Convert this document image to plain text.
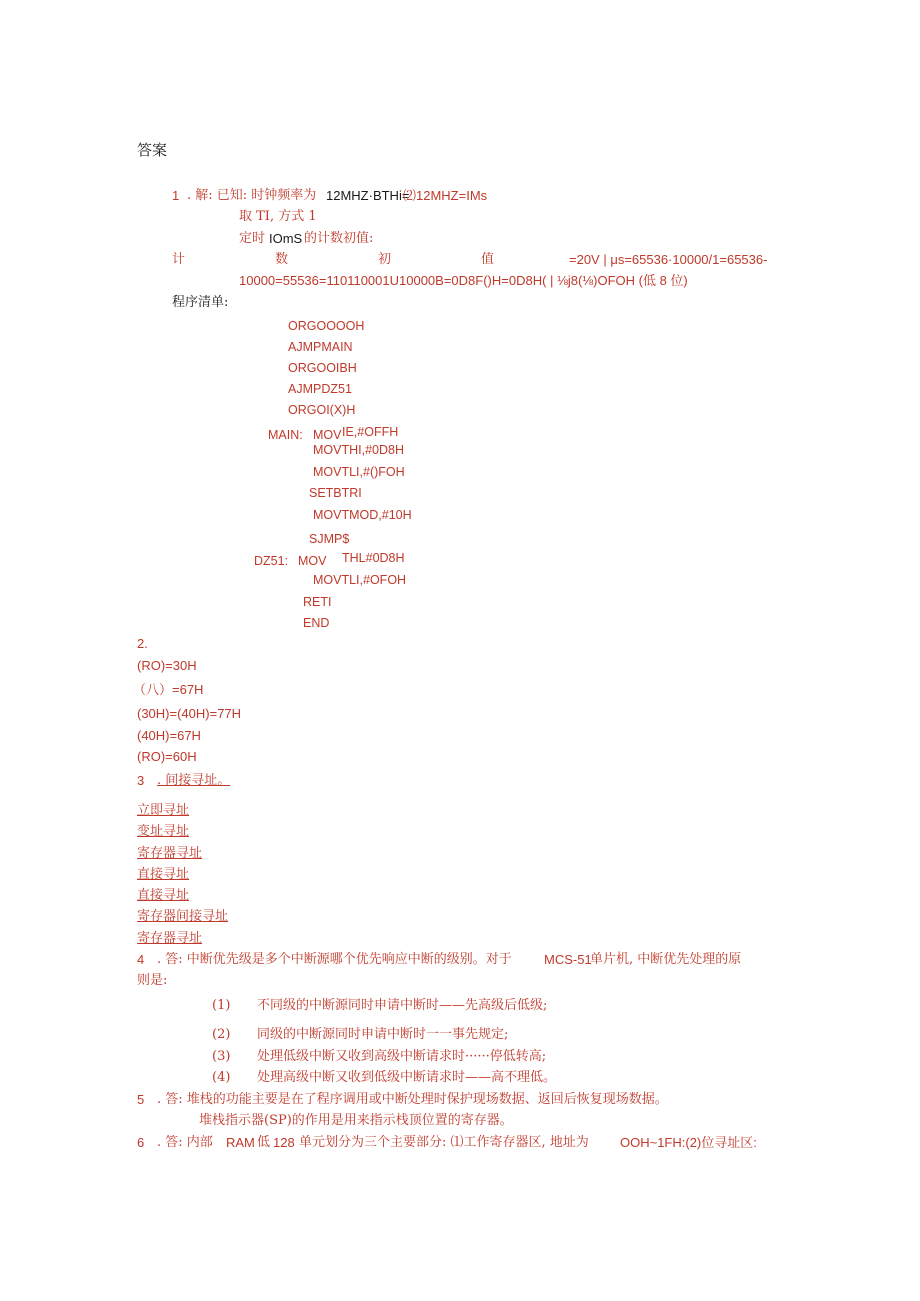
答案
1 . 解: 已知: 时钟频率为 12MHZ·BTHi=
⑵12MHZ=IMs
取 TI, 方式 1
定时 IOmS 的计数初值:
计	数	初	值	=20V | μs=65536·10000/1=65536-
10000=55536=110110001U10000B=0D8F()H=0D8H( | ⅛j8(⅛)OFOH (低 8 位)
程序清单:
ORGOOOOH
AJMPMAIN
ORGOOIBH
AJMPDZ51
ORGOI(X)H
MAIN: MOV IE,#OFFH
MOVTHI,#0D8H
MOVTLI,#()FOH
SETBTRI
MOVTMOD,#10H
SJMP$
DZ51: MOV THL#0D8H
MOVTLI,#OFOH
RETI
END
2.
(RO)=30H
（八）=67H
(30H)=(40H)=77H
(40H)=67H
(RO)=60H
3 . 间接寻址。
立即寻址
变址寻址
寄存器寻址
直接寻址
直接寻址
寄存器间接寻址
寄存器寻址
4 . 答: 中断优先级是多个中断源哪个优先响应中断的级别。对于 MCS-51
单片机, 中断优先处理的原
则是:
(1) 不同级的中断源同时申请中断时——先高级后低级;
(2) 同级的中断源同时申请中断时一一事先规定;
(3) 处理低级中断又收到高级中断请求时······停低转高;
(4) 处理高级中断又收到低级中断请求时——高不理低。
5 . 答: 堆栈的功能主要是在了程序调用或中断处理时保护现场数据、返回后恢复现场数据。
堆栈指示器(SP)的作用是用来指示栈顶位置的寄存器。
6 . 答: 内部 RAM 低 128 单元划分为三个主要部分: ⑴工作寄存器区, 地址为 OOH~1FH:(2)位寻址区:
